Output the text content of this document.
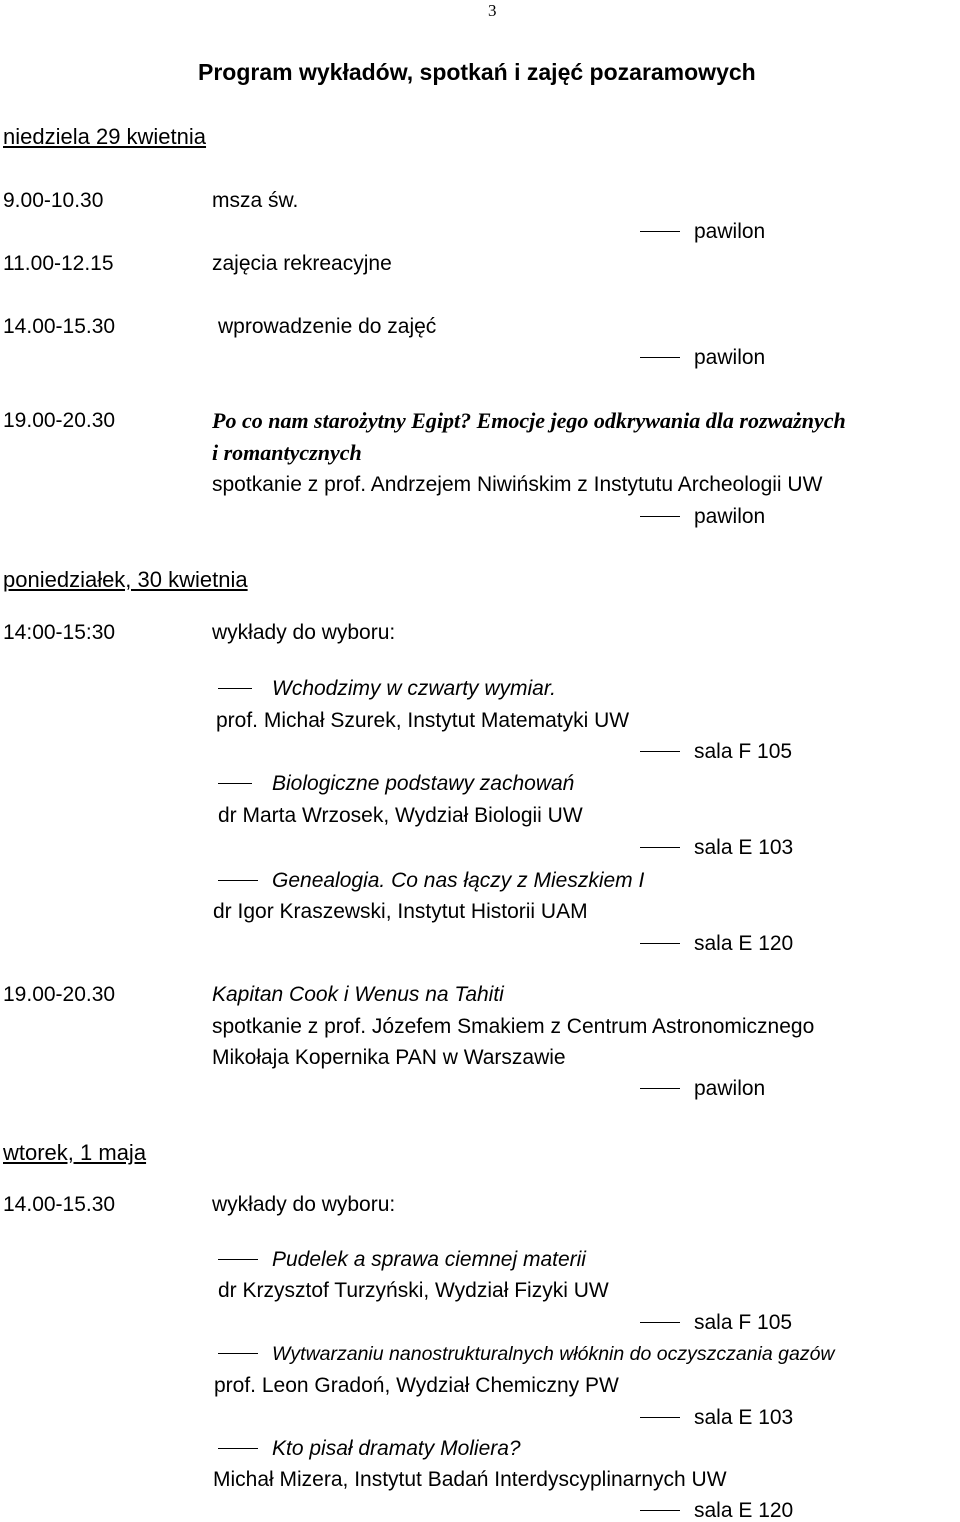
3
Program wykładów, spotkań i zajęć pozaramowych
niedziela 29 kwietnia
9.00-10.30	msza św.
pawilon
11.00-12.15	zajęcia rekreacyjne
14.00-15.30	wprowadzenie do zajęć
pawilon
19.00-20.30	Po co nam starożytny Egipt? Emocje jego odkrywania dla rozważnych
i romantycznych
spotkanie z prof. Andrzejem Niwińskim z Instytutu Archeologii UW
pawilon
poniedziałek, 30 kwietnia
14:00-15:30	wykłady do wyboru:
Wchodzimy w czwarty wymiar.
prof. Michał Szurek, Instytut Matematyki UW
sala F 105
Biologiczne podstawy zachowań
dr Marta Wrzosek, Wydział Biologii UW
sala E 103
Genealogia. Co nas łączy z Mieszkiem I
dr Igor Kraszewski, Instytut Historii UAM
sala E 120
19.00-20.30	Kapitan Cook i Wenus na Tahiti
spotkanie z prof. Józefem Smakiem z Centrum Astronomicznego
Mikołaja Kopernika PAN w Warszawie
pawilon
wtorek, 1 maja
14.00-15.30	wykłady do wyboru:
Pudelek a sprawa ciemnej materii
dr Krzysztof Turzyński, Wydział Fizyki UW
sala F 105
Wytwarzaniu nanostrukturalnych włóknin do oczyszczania gazów
prof. Leon Gradoń, Wydział Chemiczny PW
sala E 103
Kto pisał dramaty Moliera?
Michał Mizera, Instytut Badań Interdyscyplinarnych UW
sala E 120
